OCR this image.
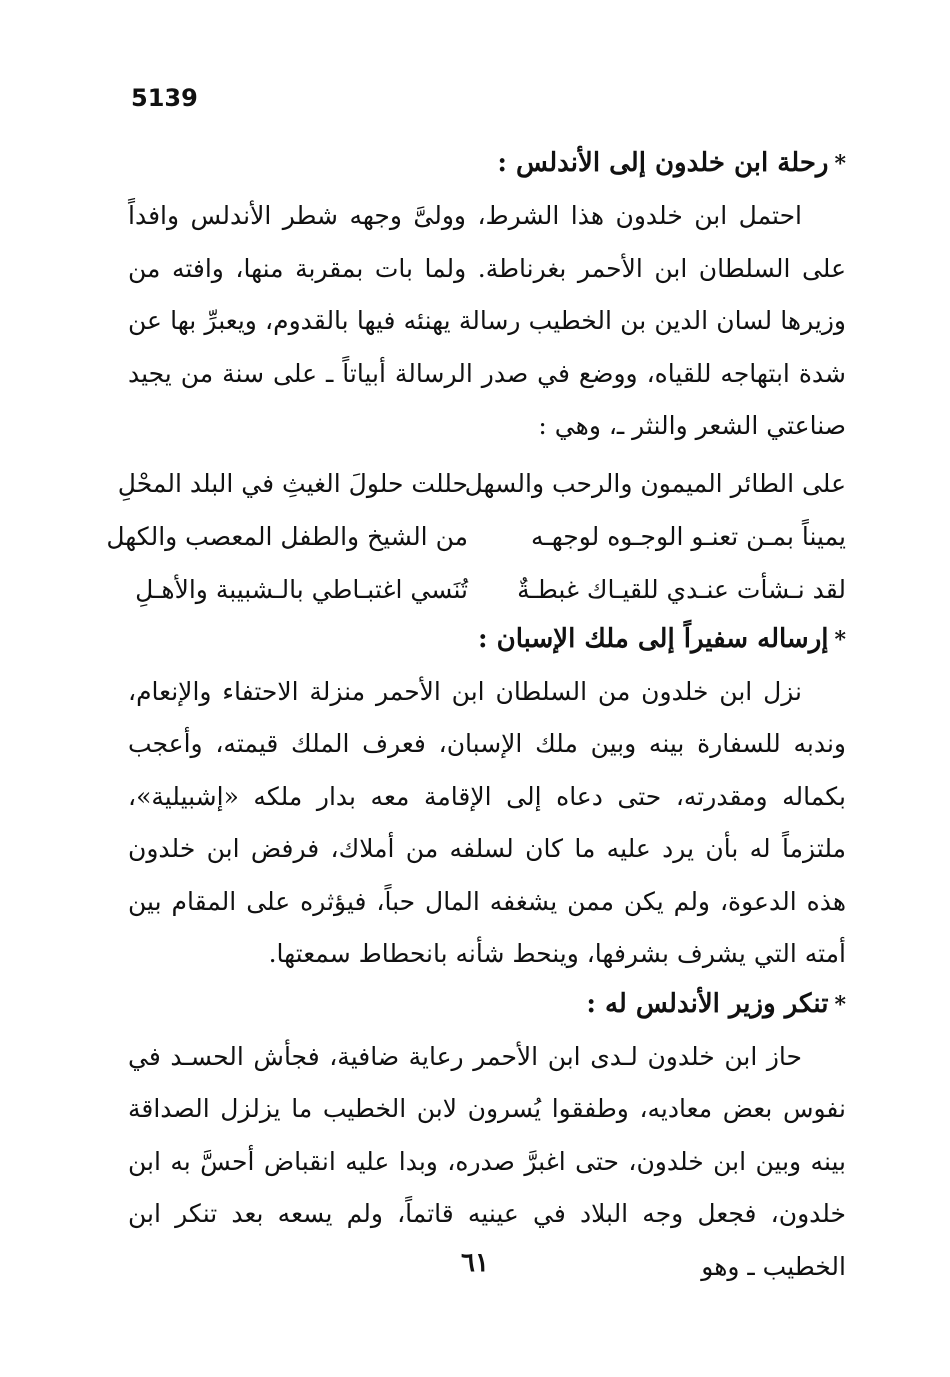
5139
*رحلة ابن خلدون إلى الأندلس :

احتمل ابن خلدون هذا الشرط، وولىَّ وجهه شطر الأندلس وافداً على السلطان ابن الأحمر بغرناطة. ولما بات بمقربة منها، وافته من وزيرها لسان الدين بن الخطيب رسالة يهنئه فيها بالقدوم، ويعبرِّ بها عن شدة ابتهاجه للقياه، ووضع في صدر الرسالة أبياتاً ـ على سنة من يجيد صناعتي الشعر والنثر ـ، وهي :

على الطائر الميمون والرحب والسهل
حللت حلولَ الغيثِ في البلد المحْلِ
يميناً بمـن تعنـو الوجـوه لوجهـه
من الشيخ والطفل المعصب والكهل
لقد نـشأت عنـدي للقيـاك غبطـةٌ
تُنَسي اغتبـاطي بالـشبيبة والأهـلِ
*إرساله سفيراً إلى ملك الإسبان :

نزل ابن خلدون من السلطان ابن الأحمر منزلة الاحتفاء والإنعام، وندبه للسفارة بينه وبين ملك الإسبان، فعرف الملك قيمته، وأعجب بكماله ومقدرته، حتى دعاه إلى الإقامة معه بدار ملكه «إشبيلية»، ملتزماً له بأن يرد عليه ما كان لسلفه من أملاك، فرفض ابن خلدون هذه الدعوة، ولم يكن ممن يشغفه المال حباً، فيؤثره على المقام بين أمته التي يشرف بشرفها، وينحط شأنه بانحطاط سمعتها.

*تنكر وزير الأندلس له :

حاز ابن خلدون لـدى ابن الأحمر رعاية ضافية، فجأش الحسـد في نفوس بعض معاديه، وطفقوا يُسرون لابن الخطيب ما يزلزل الصداقة بينه وبين ابن خلدون، حتى اغبرَّ صدره، وبدا عليه انقباض أحسَّ به ابن خلدون، فجعل وجه البلاد في عينيه قاتماً، ولم يسعه بعد تنكر ابن الخطيب ـ وهو

٦١
